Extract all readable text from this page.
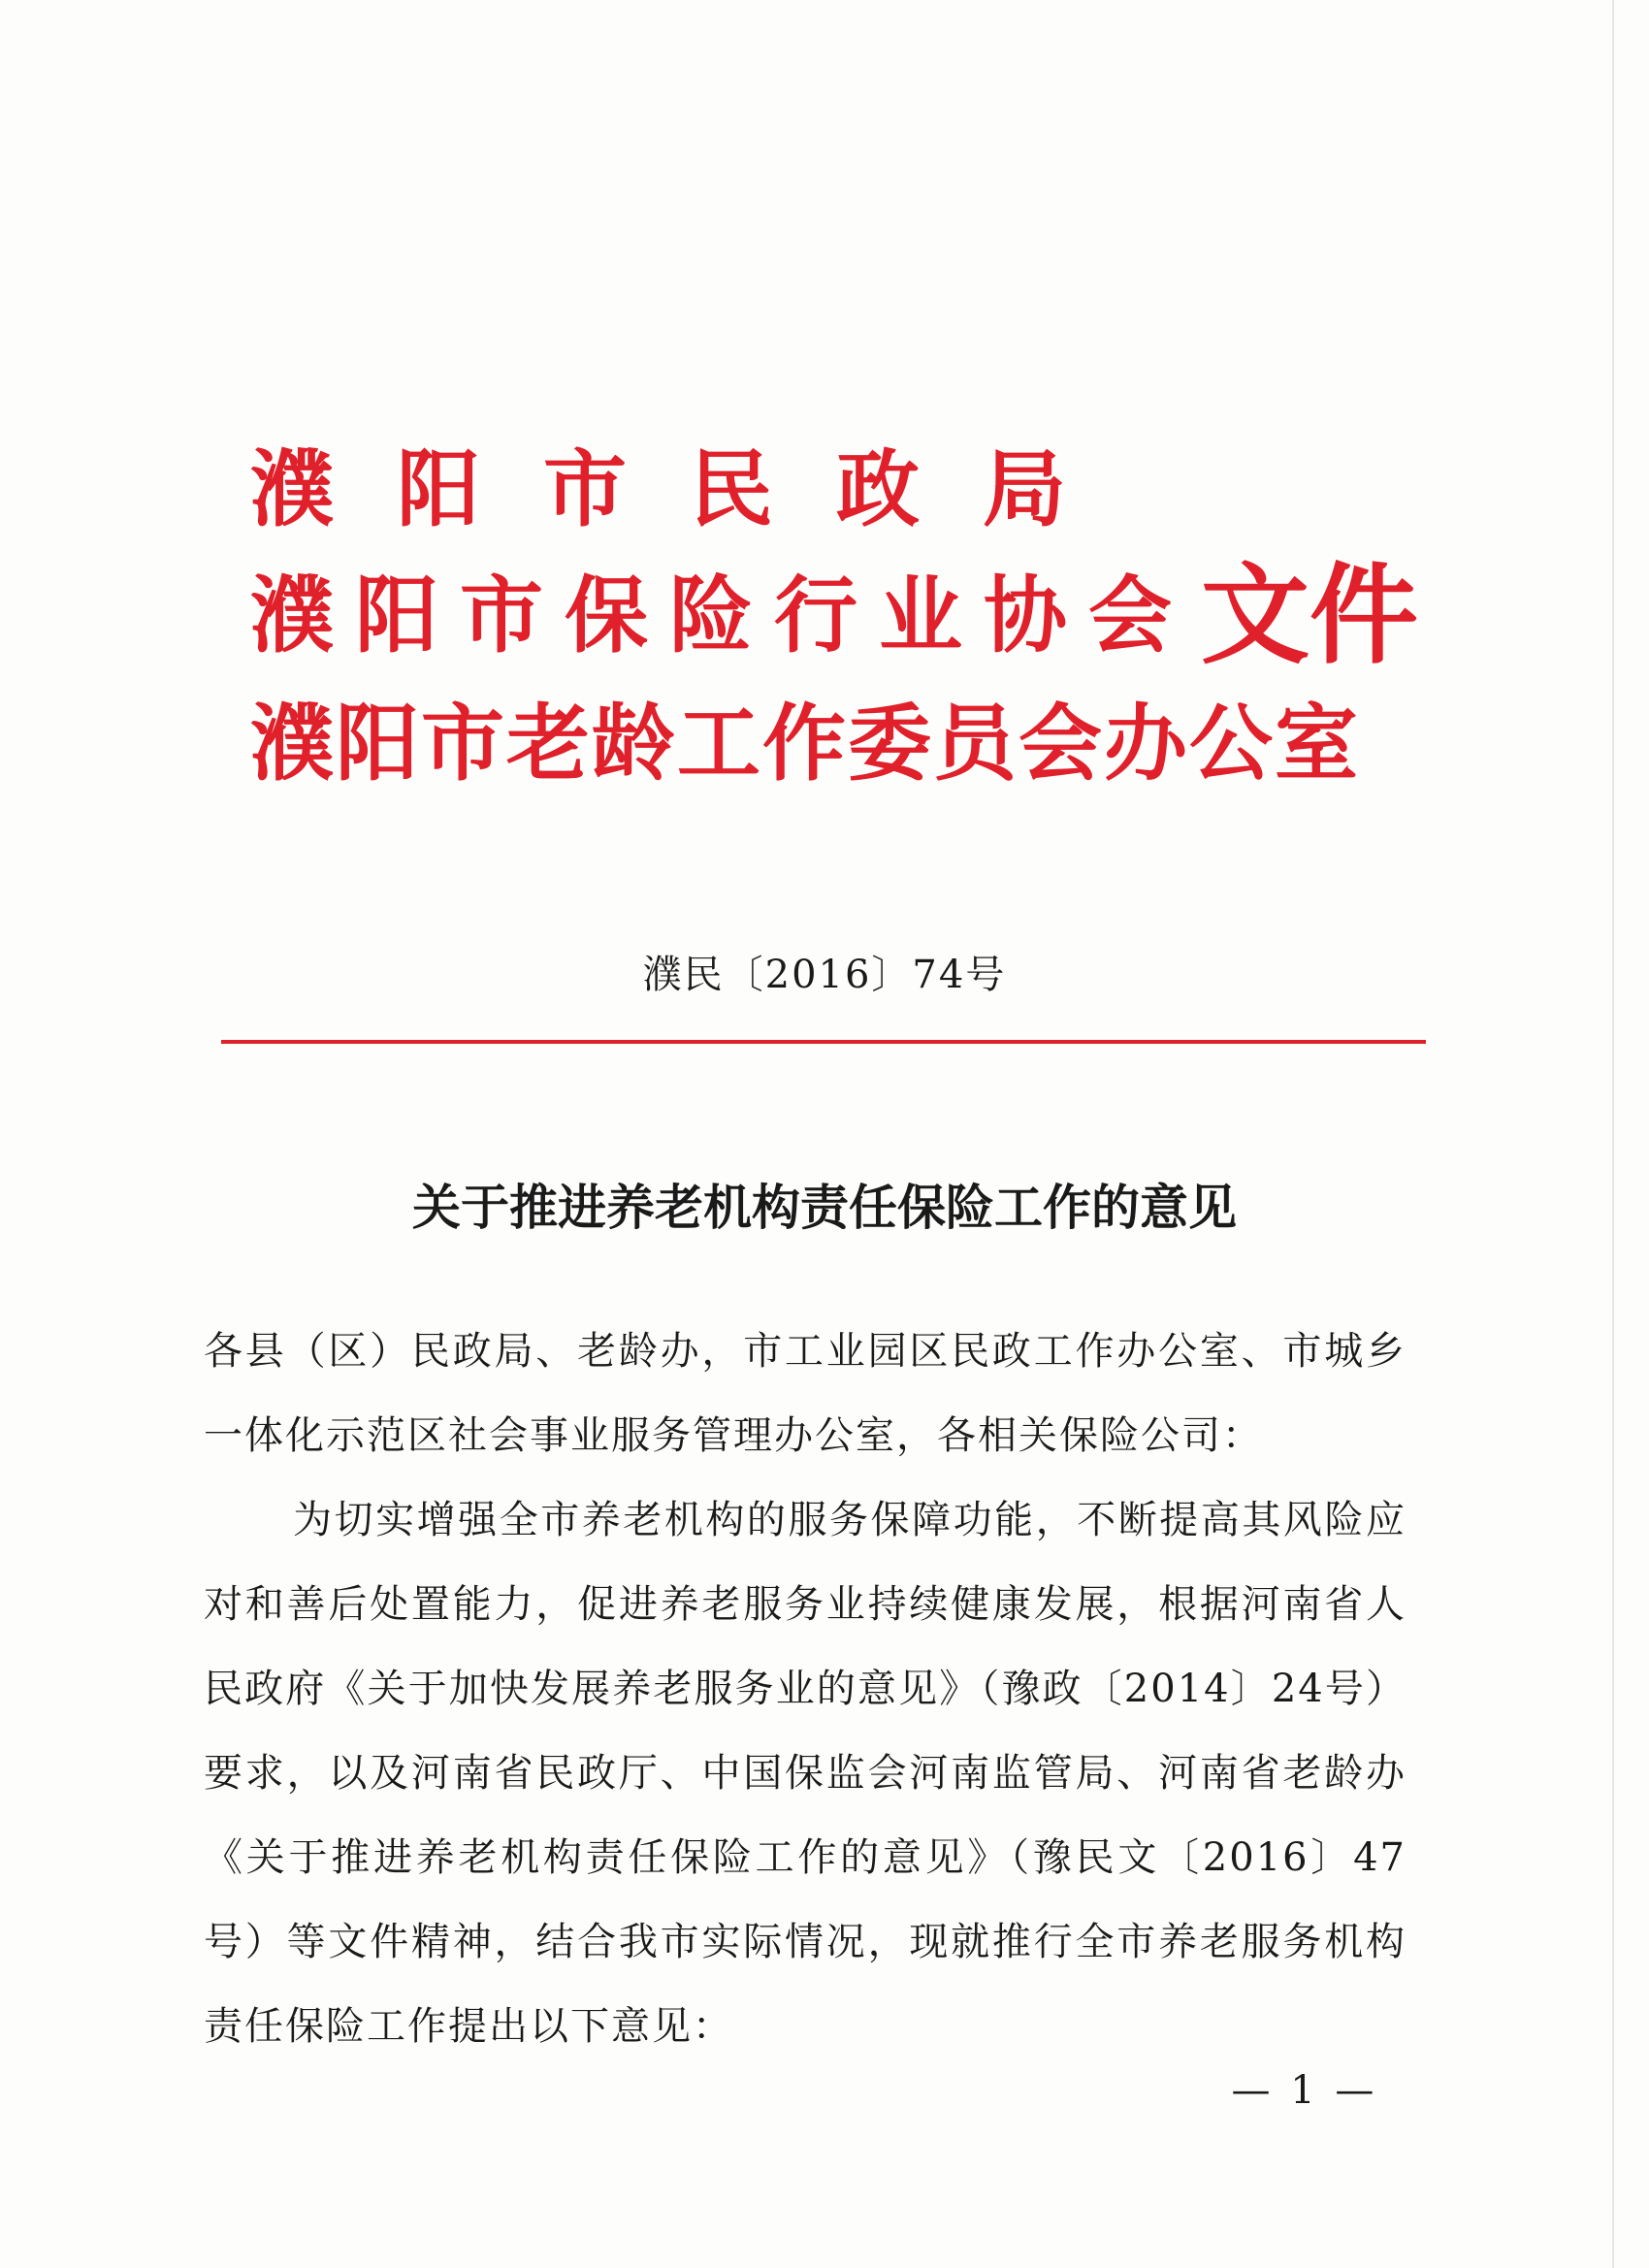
濮阳市民政局
濮阳市保险行业协会
濮阳市老龄工作委员会办公室
文件
濮民〔2016〕74号
关于推进养老机构责任保险工作的意见
各县（区）民政局、老龄办，市工业园区民政工作办公室、市城乡一体化示范区社会事业服务管理办公室，各相关保险公司：
为切实增强全市养老机构的服务保障功能，不断提高其风险应对和善后处置能力，促进养老服务业持续健康发展，根据河南省人民政府《关于加快发展养老服务业的意见》（豫政〔2014〕24号）要求，以及河南省民政厅、中国保监会河南监管局、河南省老龄办《关于推进养老机构责任保险工作的意见》（豫民文〔2016〕47号）等文件精神，结合我市实际情况，现就推行全市养老服务机构责任保险工作提出以下意见：
— 1 —
